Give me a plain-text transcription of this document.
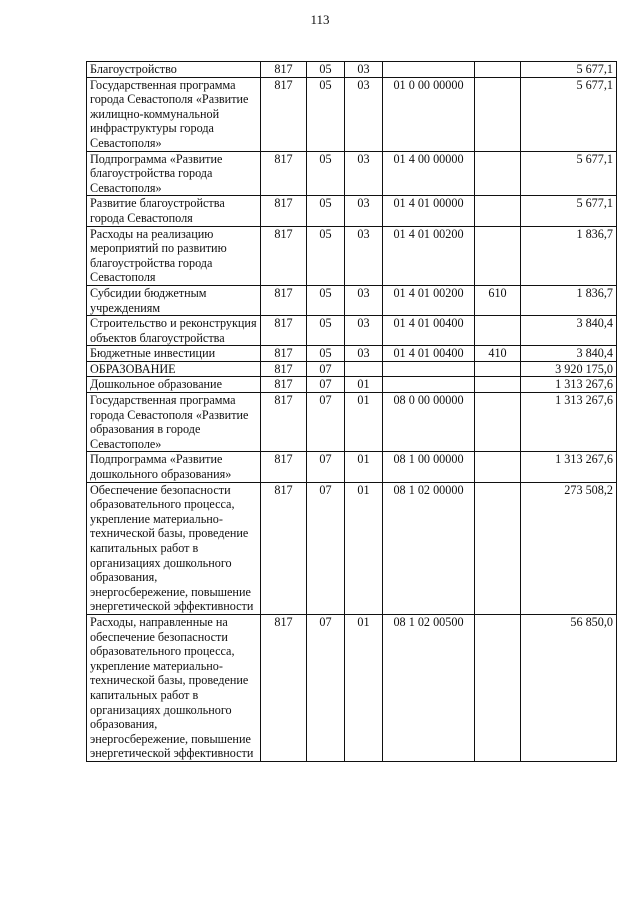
113
Благоустройство	817	05	03			5 677,1
Государственная программа города Севастополя «Развитие жилищно-коммунальной инфраструктуры города Севастополя»	817	05	03	01 0 00 00000		5 677,1
Подпрограмма «Развитие благоустройства города Севастополя»	817	05	03	01 4 00 00000		5 677,1
Развитие благоустройства города Севастополя	817	05	03	01 4 01 00000		5 677,1
Расходы на реализацию мероприятий по развитию благоустройства города Севастополя	817	05	03	01 4 01 00200		1 836,7
Субсидии бюджетным учреждениям	817	05	03	01 4 01 00200	610	1 836,7
Строительство и реконструкция объектов благоустройства	817	05	03	01 4 01 00400		3 840,4
Бюджетные инвестиции	817	05	03	01 4 01 00400	410	3 840,4
ОБРАЗОВАНИЕ	817	07				3 920 175,0
Дошкольное образование	817	07	01			1 313 267,6
Государственная программа города Севастополя «Развитие образования в городе Севастополе»	817	07	01	08 0 00 00000		1 313 267,6
Подпрограмма «Развитие дошкольного образования»	817	07	01	08 1 00 00000		1 313 267,6
Обеспечение безопасности образовательного процесса, укрепление материально-технической базы, проведение капитальных работ в организациях дошкольного образования, энергосбережение, повышение энергетической эффективности	817	07	01	08 1 02 00000		273 508,2
Расходы, направленные на обеспечение безопасности образовательного процесса, укрепление материально-технической базы, проведение капитальных работ в организациях дошкольного образования, энергосбережение, повышение энергетической эффективности	817	07	01	08 1 02 00500		56 850,0
